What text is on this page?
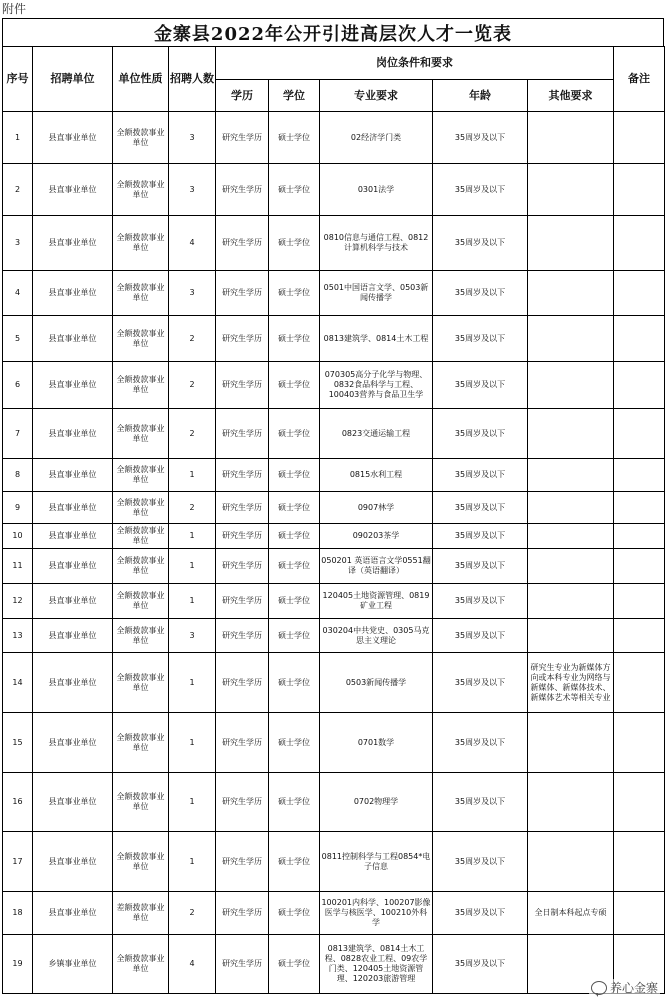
附件
金寨县2022年公开引进高层次人才一览表
序号	招聘单位	单位性质	招聘人数	岗位条件和要求					备注
				学历	学位	专业要求	年龄	其他要求	
1	县直事业单位	全额拨款事业单位	3	研究生学历	硕士学位	02经济学门类	35周岁及以下		
2	县直事业单位	全额拨款事业单位	3	研究生学历	硕士学位	0301法学	35周岁及以下		
3	县直事业单位	全额拨款事业单位	4	研究生学历	硕士学位	0810信息与通信工程、0812计算机科学与技术	35周岁及以下		
4	县直事业单位	全额拨款事业单位	3	研究生学历	硕士学位	0501中国语言文学、0503新闻传播学	35周岁及以下		
5	县直事业单位	全额拨款事业单位	2	研究生学历	硕士学位	0813建筑学、0814土木工程	35周岁及以下		
6	县直事业单位	全额拨款事业单位	2	研究生学历	硕士学位	070305高分子化学与物理、0832食品科学与工程、100403营养与食品卫生学	35周岁及以下		
7	县直事业单位	全额拨款事业单位	2	研究生学历	硕士学位	0823交通运输工程	35周岁及以下		
8	县直事业单位	全额拨款事业单位	1	研究生学历	硕士学位	0815水利工程	35周岁及以下		
9	县直事业单位	全额拨款事业单位	2	研究生学历	硕士学位	0907林学	35周岁及以下		
10	县直事业单位	全额拨款事业单位	1	研究生学历	硕士学位	090203茶学	35周岁及以下		
11	县直事业单位	全额拨款事业单位	1	研究生学历	硕士学位	050201 英语语言文学0551翻译（英语翻译）	35周岁及以下		
12	县直事业单位	全额拨款事业单位	1	研究生学历	硕士学位	120405土地资源管理、0819 矿业工程	35周岁及以下		
13	县直事业单位	全额拨款事业单位	3	研究生学历	硕士学位	030204中共党史、0305马克思主义理论	35周岁及以下		
14	县直事业单位	全额拨款事业单位	1	研究生学历	硕士学位	0503新闻传播学	35周岁及以下	研究生专业为新媒体方向或本科专业为网络与新媒体、新媒体技术、新媒体艺术等相关专业	
15	县直事业单位	全额拨款事业单位	1	研究生学历	硕士学位	0701数学	35周岁及以下		
16	县直事业单位	全额拨款事业单位	1	研究生学历	硕士学位	0702物理学	35周岁及以下		
17	县直事业单位	全额拨款事业单位	1	研究生学历	硕士学位	0811控制科学与工程0854*电子信息	35周岁及以下		
18	县直事业单位	差额拨款事业单位	2	研究生学历	硕士学位	100201内科学、100207影像医学与核医学、100210外科学	35周岁及以下	全日制本科起点专硕	
19	乡镇事业单位	全额拨款事业单位	4	研究生学历	硕士学位	0813建筑学、0814土木工程、0828农业工程、09农学门类、120405土地资源管理、120203旅游管理	35周岁及以下		
养心金寨
